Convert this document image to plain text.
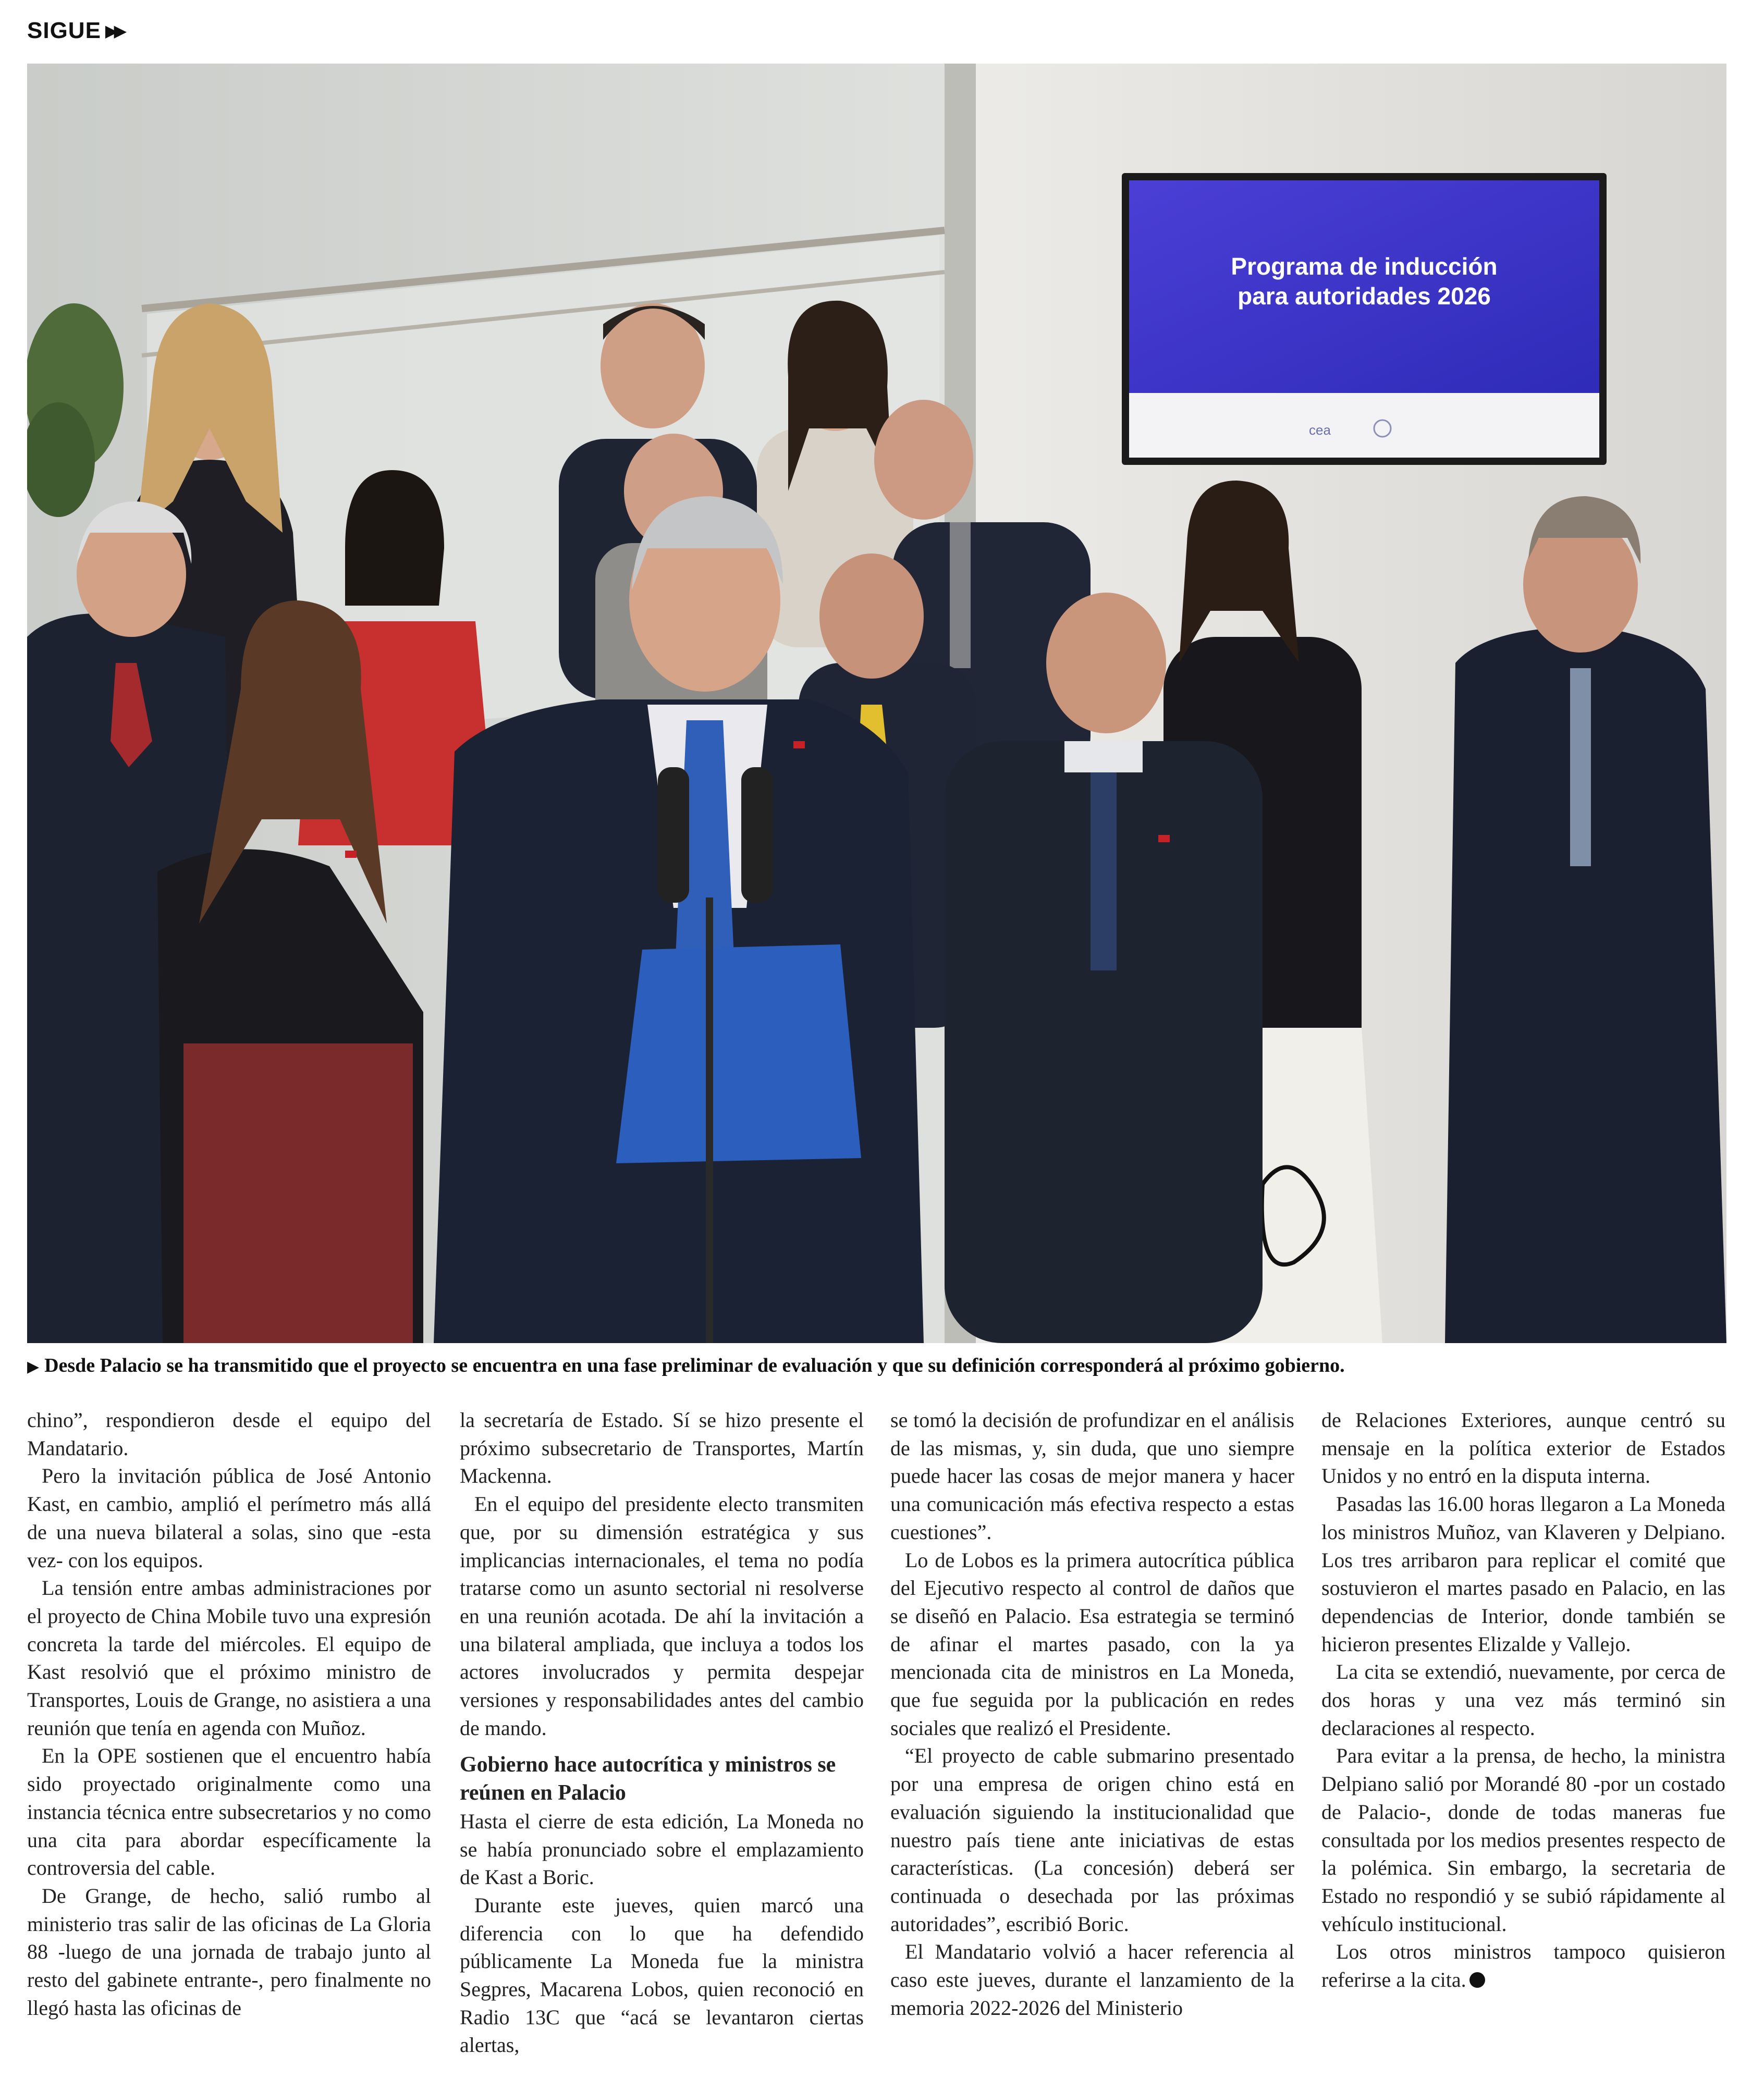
SIGUE ▶▶
Programa de inducción
para autoridades 2026
cea
▶ Desde Palacio se ha transmitido que el proyecto se encuentra en una fase preliminar de evaluación y que su definición corresponderá al próximo gobierno.

chino”, respondieron desde el equipo del Mandatario.

Pero la invitación pública de José Antonio Kast, en cambio, amplió el perímetro más allá de una nueva bilateral a solas, sino que -esta vez- con los equipos.

La tensión entre ambas administraciones por el proyecto de China Mobile tuvo una expresión concreta la tarde del miércoles. El equipo de Kast resolvió que el próximo ministro de Transportes, Louis de Grange, no asistiera a una reunión que tenía en agenda con Muñoz.

En la OPE sostienen que el encuentro había sido proyectado originalmente como una instancia técnica entre subsecretarios y no como una cita para abordar específicamente la controversia del cable.

De Grange, de hecho, salió rumbo al ministerio tras salir de las oficinas de La Gloria 88 -luego de una jornada de trabajo junto al resto del gabinete entrante-, pero finalmente no llegó hasta las oficinas de

la secretaría de Estado. Sí se hizo presente el próximo subsecretario de Transportes, Martín Mackenna.

En el equipo del presidente electo transmiten que, por su dimensión estratégica y sus implicancias internacionales, el tema no podía tratarse como un asunto sectorial ni resolverse en una reunión acotada. De ahí la invitación a una bilateral ampliada, que incluya a todos los actores involucrados y permita despejar versiones y responsabilidades antes del cambio de mando.

Gobierno hace autocrítica y ministros se reúnen en Palacio

Hasta el cierre de esta edición, La Moneda no se había pronunciado sobre el emplazamiento de Kast a Boric.

Durante este jueves, quien marcó una diferencia con lo que ha defendido públicamente La Moneda fue la ministra Segpres, Macarena Lobos, quien reconoció en Radio 13C que “acá se levantaron ciertas alertas,

se tomó la decisión de profundizar en el análisis de las mismas, y, sin duda, que uno siempre puede hacer las cosas de mejor manera y hacer una comunicación más efectiva respecto a estas cuestiones”.

Lo de Lobos es la primera autocrítica pública del Ejecutivo respecto al control de daños que se diseñó en Palacio. Esa estrategia se terminó de afinar el martes pasado, con la ya mencionada cita de ministros en La Moneda, que fue seguida por la publicación en redes sociales que realizó el Presidente.

“El proyecto de cable submarino presentado por una empresa de origen chino está en evaluación siguiendo la institucionalidad que nuestro país tiene ante iniciativas de estas características. (La concesión) deberá ser continuada o desechada por las próximas autoridades”, escribió Boric.

El Mandatario volvió a hacer referencia al caso este jueves, durante el lanzamiento de la memoria 2022-2026 del Ministerio

de Relaciones Exteriores, aunque centró su mensaje en la política exterior de Estados Unidos y no entró en la disputa interna.

Pasadas las 16.00 horas llegaron a La Moneda los ministros Muñoz, van Klaveren y Delpiano. Los tres arribaron para replicar el comité que sostuvieron el martes pasado en Palacio, en las dependencias de Interior, donde también se hicieron presentes Elizalde y Vallejo.

La cita se extendió, nuevamente, por cerca de dos horas y una vez más terminó sin declaraciones al respecto.

Para evitar a la prensa, de hecho, la ministra Delpiano salió por Morandé 80 -por un costado de Palacio-, donde de todas maneras fue consultada por los medios presentes respecto de la polémica. Sin embargo, la secretaria de Estado no respondió y se subió rápidamente al vehículo institucional.

Los otros ministros tampoco quisieron referirse a la cita.
